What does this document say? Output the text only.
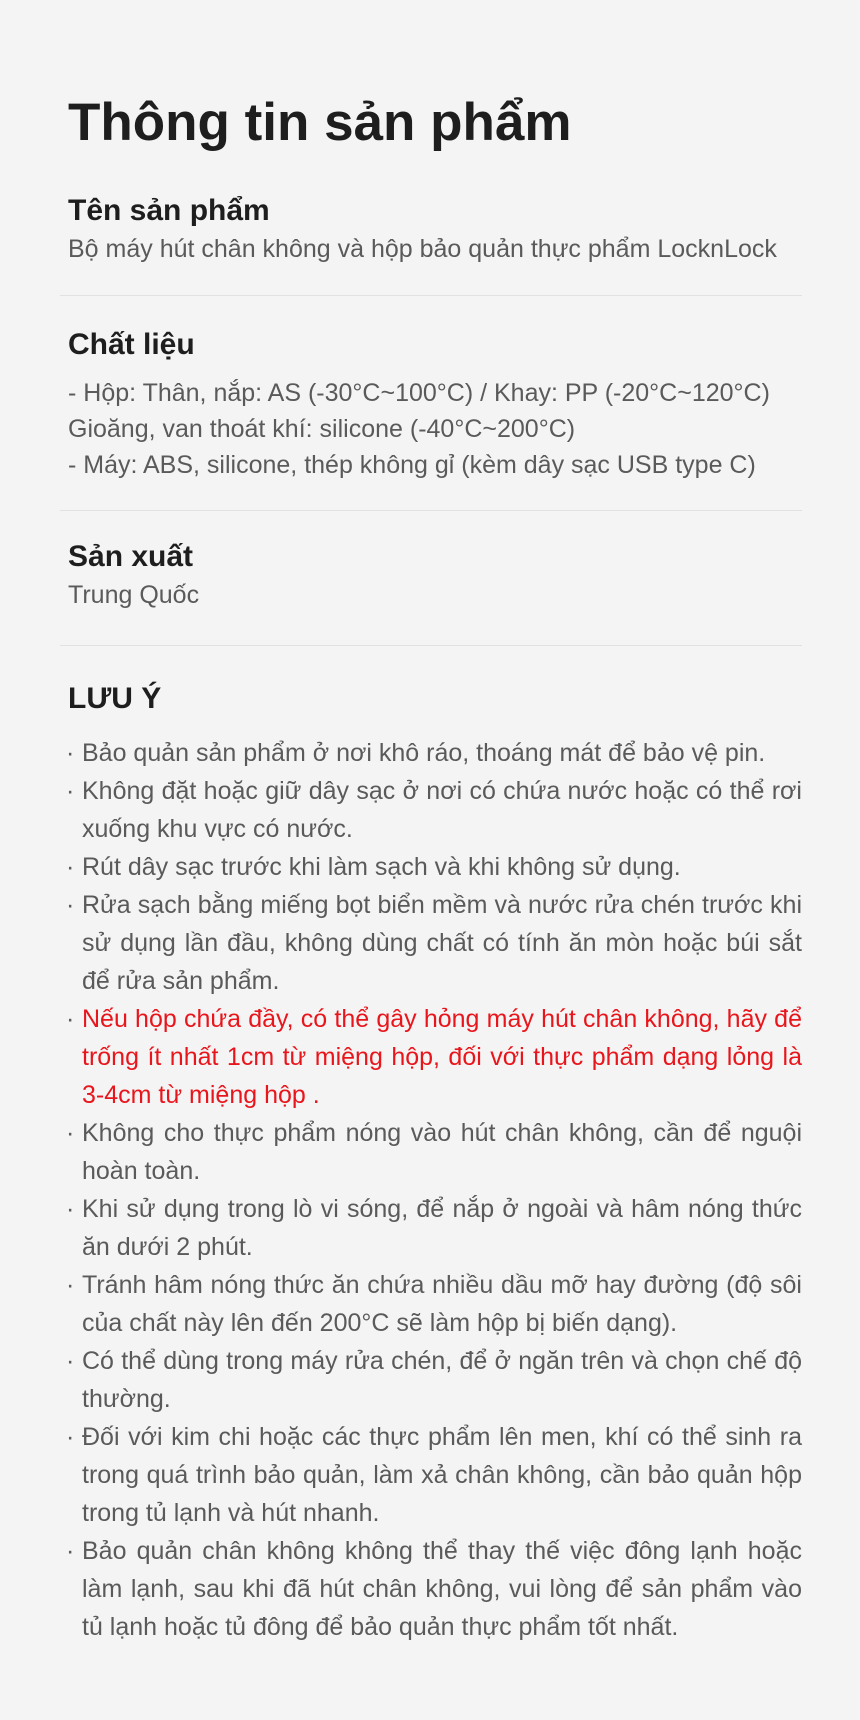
Thông tin sản phẩm
Tên sản phẩm
Bộ máy hút chân không và hộp bảo quản thực phẩm LocknLock
Chất liệu
- Hộp: Thân, nắp: AS (-30°C~100°C) / Khay: PP (-20°C~120°C)
Gioăng, van thoát khí: silicone (-40°C~200°C)
- Máy: ABS, silicone, thép không gỉ (kèm dây sạc USB type C)
Sản xuất
Trung Quốc
LƯU Ý
· Bảo quản sản phẩm ở nơi khô ráo, thoáng mát để bảo vệ pin.
· Không đặt hoặc giữ dây sạc ở nơi có chứa nước hoặc có thể rơi xuống khu vực có nước.
· Rút dây sạc trước khi làm sạch và khi không sử dụng.
· Rửa sạch bằng miếng bọt biển mềm và nước rửa chén trước khi sử dụng lần đầu, không dùng chất có tính ăn mòn hoặc búi sắt để rửa sản phẩm.
· Nếu hộp chứa đầy, có thể gây hỏng máy hút chân không, hãy để trống ít nhất 1cm từ miệng hộp, đối với thực phẩm dạng lỏng là 3-4cm từ miệng hộp .
· Không cho thực phẩm nóng vào hút chân không, cần để nguội hoàn toàn.
· Khi sử dụng trong lò vi sóng, để nắp ở ngoài và hâm nóng thức ăn dưới 2 phút.
· Tránh hâm nóng thức ăn chứa nhiều dầu mỡ hay đường (độ sôi của chất này lên đến 200°C sẽ làm hộp bị biến dạng).
· Có thể dùng trong máy rửa chén, để ở ngăn trên và chọn chế độ thường.
· Đối với kim chi hoặc các thực phẩm lên men, khí có thể sinh ra trong quá trình bảo quản, làm xả chân không, cần bảo quản hộp trong tủ lạnh và hút nhanh.
· Bảo quản chân không không thể thay thế việc đông lạnh hoặc làm lạnh, sau khi đã hút chân không, vui lòng để sản phẩm vào tủ lạnh hoặc tủ đông để bảo quản thực phẩm tốt nhất.
